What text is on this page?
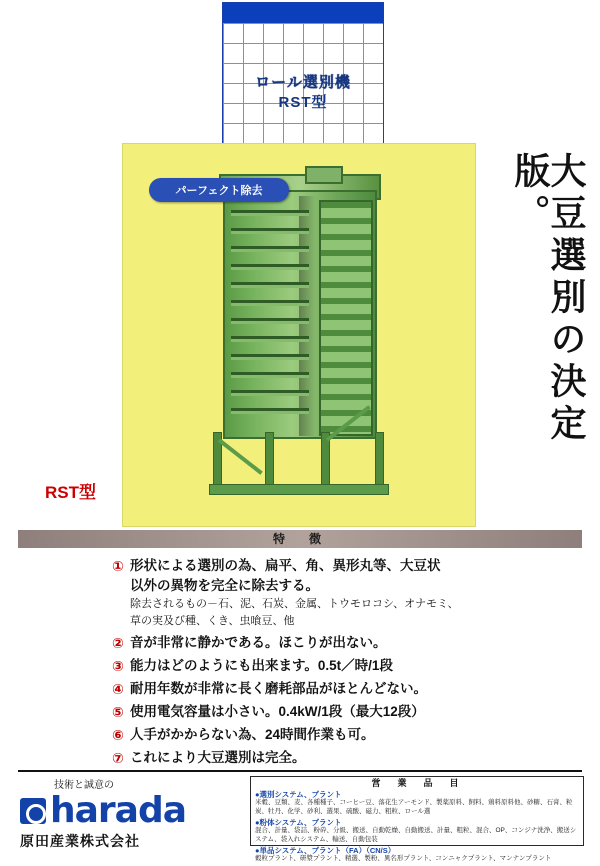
ロール選別機
RST型
パーフェクト除去
RST型
大豆選別の決定版。
特　徴
① 形状による選別の為、扁平、角、異形丸等、大豆状
以外の異物を完全に除去する。
除去されるもの－石、泥、石炭、金属、トウモロコシ、オナモミ、
草の実及び種、くき、虫喰豆、他
② 音が非常に静かである。ほこりが出ない。
③ 能力はどのようにも出来ます。0.5t／時/1段
④ 耐用年数が非常に長く磨耗部品がほとんどない。
⑤ 使用電気容量は小さい。0.4kW/1段（最大12段）
⑥ 人手がかからない為、24時間作業も可。
⑦ これにより大豆選別は完全。
技術と誠意の
harada
原田産業株式会社
営　業　品　目
●選別システム、プラント
米穀、豆類、麦、各種種子、コーヒー豆、落花生アーモンド、製薬原料、飼料、鶏料原料他、砂糖、石膏、粒炭、牡丹、化学、砂利、選果、硫酸、磁力、粗粒、ロール選
●粉体システム、プラント
混合、計量、袋詰、粉砕、分級、搬送、自動乾燥、自動搬送、計量、粗粒、混合、OP、コンジナ洗浄、搬送システム、袋入れシステム、輸送、自動包装
●単品システム、プラント（FA）（CN/S）
穀粒プラント、研漿プラント、精選、製粉、異名形プラント、コンニャクプラント、マンナンプラント
